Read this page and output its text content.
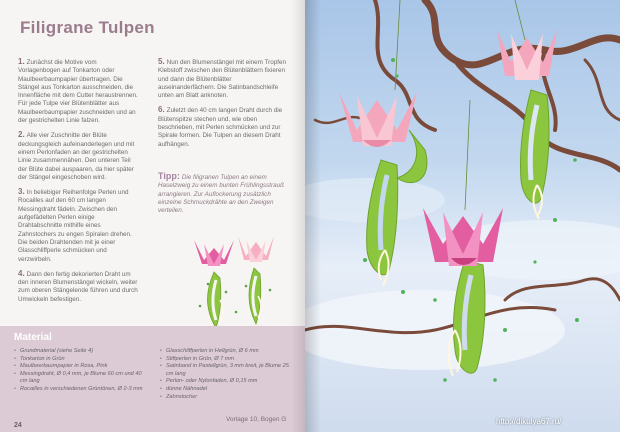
Filigrane Tulpen
1. Zunächst die Motive vom Vorlagenbogen auf Tonkarton oder Maulbeerbaumpapier übertragen. Die Stängel aus Tonkarton ausschneiden, die Innenfläche mit dem Cutter heraustrennen. Für jede Tulpe vier Blütenblätter aus Maulbeerbaumpapier zuschneiden und an der gestrichelten Linie falzen.
2. Alle vier Zuschnitte der Blüte deckungsgleich aufeinanderlegen und mit einem Perlonfaden an der gestrichelten Linie zusammennähen. Den unteren Teil der Blüte dabei auspaaren, da hier später der Stängel eingeschoben wird.
3. In beliebiger Reihenfolge Perlen und Rocailles auf den 60 cm langen Messingdraht fädeln. Zwischen den aufgefädelten Perlen einige Drahtabschnitte mithilfe eines Zahnstochers zu engen Spiralen drehen. Die beiden Drahtenden mit je einer Glasschliffperle schmücken und verzwirbeln.
4. Dann den fertig dekorierten Draht um den inneren Blumenstängel wickeln, weiter zum oberen Stängelende führen und durch Umwickeln befestigen.
5. Nun den Blumenstängel mit einem Tropfen Klebstoff zwischen den Blütenblättern fixieren und dann die Blütenblätter auseinanderfächern. Die Satinbandschleife unten am Blatt anknoten.
6. Zuletzt den 40 cm langen Draht durch die Blütenspitze stechen und, wie oben beschrieben, mit Perlen schmücken und zur Spirale formen. Die Tulpen an diesem Draht aufhängen.
Tipp: Die filigranen Tulpen an einem Haselzweig zu einem bunten Frühlingsstrauß arrangieren. Zur Auflockerung zusätzlich einzelne Schmuckdrähte an den Zweigen verteilen.
Material
▪ Grundmaterial (siehe Seite 4)
▪ Tonkarton in Grün
▪ Maulbeerbaumpapier in Rosa, Pink
▪ Messingdraht, Ø 0,4 mm, je Blume 60 cm und 40 cm lang
▪ Rocailles in verschiedenen Grüntönen, Ø 2-3 mm
▪ Glasschliffperlen in Hellgrün, Ø 6 mm
▪ Stiftperlen in Grün, Ø 7 mm
▪ Satinband in Pastellgrün, 3 mm breit, je Blume 25 cm lang
▪ Perlon- oder Nylonfaden, Ø 0,15 mm
▪ dünne Nähnadel
▪ Zahnstocher
24
Vorlage 10, Bogen G	http://dikulya67.ru/
